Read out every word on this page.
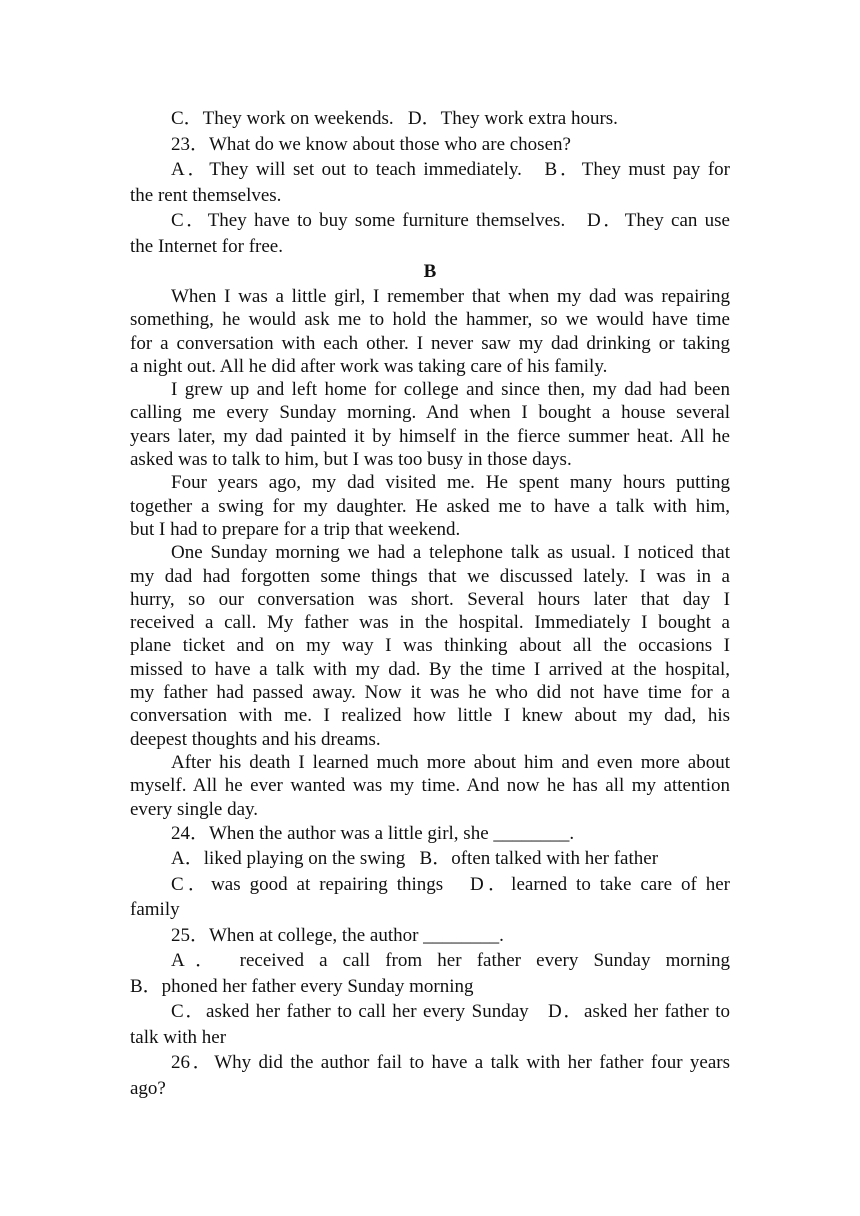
C．They work on weekends.   D．They work extra hours.
23．What do we know about those who are chosen?
A．They will set out to teach immediately.   B．They must pay for
the rent themselves.
C．They have to buy some furniture themselves.   D．They can use
the Internet for free.
B
When I was a little girl, I remember that when my dad was repairing
something, he would ask me to hold the hammer, so we would have time
for a conversation with each other. I never saw my dad drinking or taking
a night out. All he did after work was taking care of his family.
I grew up and left home for college and since then, my dad had been
calling me every Sunday morning. And when I bought a house several
years later, my dad painted it by himself in the fierce summer heat. All he
asked was to talk to him, but I was too busy in those days.
Four years ago, my dad visited me. He spent many hours putting
together a swing for my daughter. He asked me to have a talk with him,
but I had to prepare for a trip that weekend.
One Sunday morning we had a telephone talk as usual. I noticed that
my dad had forgotten some things that we discussed lately. I was in a
hurry, so our conversation was short. Several hours later that day I
received a call. My father was in the hospital. Immediately I bought a
plane ticket and on my way I was thinking about all the occasions I
missed to have a talk with my dad. By the time I arrived at the hospital,
my father had passed away. Now it was he who did not have time for a
conversation with me. I realized how little I knew about my dad, his
deepest thoughts and his dreams.
After his death I learned much more about him and even more about
myself. All he ever wanted was my time. And now he has all my attention
every single day.
24．When the author was a little girl, she ________.
A．liked playing on the swing   B．often talked with her father
C．was good at repairing things   D．learned to take care of her
family
25．When at college, the author ________.
A． received a call from her father every Sunday morning
B．phoned her father every Sunday morning
C．asked her father to call her every Sunday   D．asked her father to
talk with her
26．Why did the author fail to have a talk with her father four years
ago?
